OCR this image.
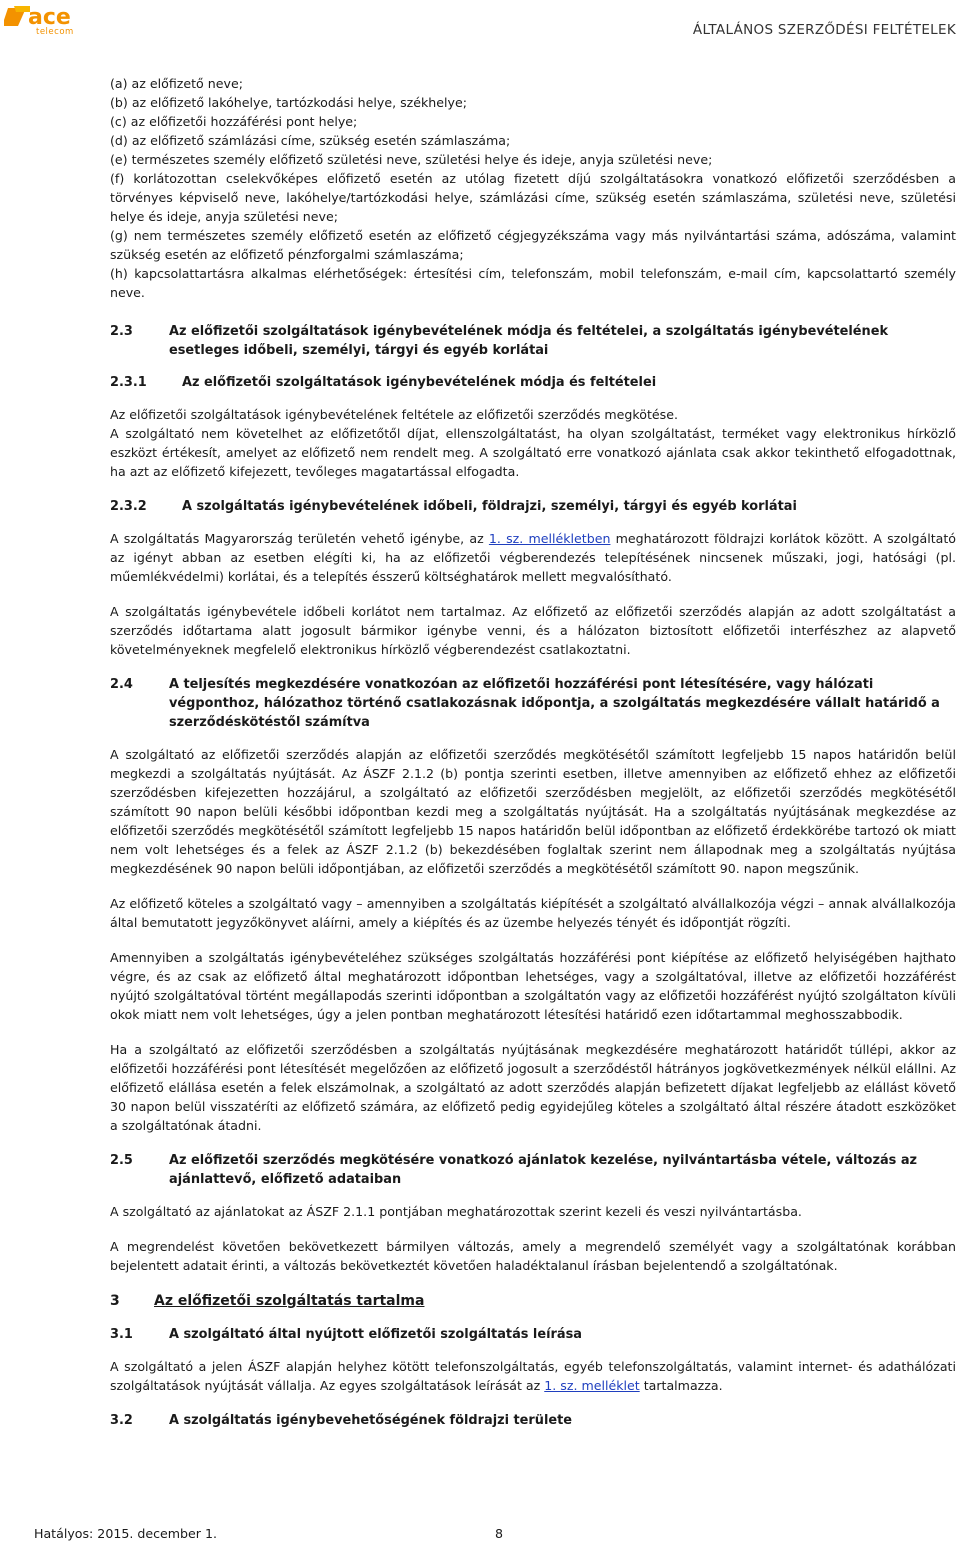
ace
telecom	ÁLTALÁNOS SZERZŐDÉSI FELTÉTELEK

(a) az előfizető neve;

(b) az előfizető lakóhelye, tartózkodási helye, székhelye;

(c) az előfizetői hozzáférési pont helye;

(d) az előfizető számlázási címe, szükség esetén számlaszáma;

(e) természetes személy előfizető születési neve, születési helye és ideje, anyja születési neve;

(f) korlátozottan cselekvőképes előfizető esetén az utólag fizetett díjú szolgáltatásokra vonatkozó előfizetői szerződésben a törvényes képviselő neve, lakóhelye/tartózkodási helye, számlázási címe, szükség esetén számlaszáma, születési neve, születési helye és ideje, anyja születési neve;

(g) nem természetes személy előfizető esetén az előfizető cégjegyzékszáma vagy más nyilvántartási száma, adószáma, valamint szükség esetén az előfizető pénzforgalmi számlaszáma;

(h) kapcsolattartásra alkalmas elérhetőségek: értesítési cím, telefonszám, mobil telefonszám, e-mail cím, kapcsolattartó személy neve.

2.3	Az előfizetői szolgáltatások igénybevételének módja és feltételei, a szolgáltatás igénybevételének esetleges időbeli, személyi, tárgyi és egyéb korlátai
2.3.1	Az előfizetői szolgáltatások igénybevételének módja és feltételei

Az előfizetői szolgáltatások igénybevételének feltétele az előfizetői szerződés megkötése.

A szolgáltató nem követelhet az előfizetőtől díjat, ellenszolgáltatást, ha olyan szolgáltatást, terméket vagy elektronikus hírközlő eszközt értékesít, amelyet az előfizető nem rendelt meg. A szolgáltató erre vonatkozó ajánlata csak akkor tekinthető elfogadottnak, ha azt az előfizető kifejezett, tevőleges magatartással elfogadta.

2.3.2	A szolgáltatás igénybevételének időbeli, földrajzi, személyi, tárgyi és egyéb korlátai

A szolgáltatás Magyarország területén vehető igénybe, az 1. sz. mellékletben meghatározott földrajzi korlátok között. A szolgáltató az igényt abban az esetben elégíti ki, ha az előfizetői végberendezés telepítésének nincsenek műszaki, jogi, hatósági (pl. műemlékvédelmi) korlátai, és a telepítés ésszerű költséghatárok mellett megvalósítható.

A szolgáltatás igénybevétele időbeli korlátot nem tartalmaz. Az előfizető az előfizetői szerződés alapján az adott szolgáltatást a szerződés időtartama alatt jogosult bármikor igénybe venni, és a hálózaton biztosított előfizetői interfészhez az alapvető követelményeknek megfelelő elektronikus hírközlő végberendezést csatlakoztatni.

2.4	A teljesítés megkezdésére vonatkozóan az előfizetői hozzáférési pont létesítésére, vagy hálózati végponthoz, hálózathoz történő csatlakozásnak időpontja, a szolgáltatás megkezdésére vállalt határidő a szerződéskötéstől számítva

A szolgáltató az előfizetői szerződés alapján az előfizetői szerződés megkötésétől számított legfeljebb 15 napos határidőn belül megkezdi a szolgáltatás nyújtását. Az ÁSZF 2.1.2 (b) pontja szerinti esetben, illetve amennyiben az előfizető ehhez az előfizetői szerződésben kifejezetten hozzájárul, a szolgáltató az előfizetői szerződésben megjelölt, az előfizetői szerződés megkötésétől számított 90 napon belüli későbbi időpontban kezdi meg a szolgáltatás nyújtását. Ha a szolgáltatás nyújtásának megkezdése az előfizetői szerződés megkötésétől számított legfeljebb 15 napos határidőn belül időpontban az előfizető érdekkörébe tartozó ok miatt nem volt lehetséges és a felek az ÁSZF 2.1.2 (b) bekezdésében foglaltak szerint nem állapodnak meg a szolgáltatás nyújtása megkezdésének 90 napon belüli időpontjában, az előfizetői szerződés a megkötésétől számított 90. napon megszűnik.

Az előfizető köteles a szolgáltató vagy – amennyiben a szolgáltatás kiépítését a szolgáltató alvállalkozója végzi – annak alvállalkozója által bemutatott jegyzőkönyvet aláírni, amely a kiépítés és az üzembe helyezés tényét és időpontját rögzíti.

Amennyiben a szolgáltatás igénybevételéhez szükséges szolgáltatás hozzáférési pont kiépítése az előfizető helyiségében hajthato végre, és az csak az előfizető által meghatározott időpontban lehetséges, vagy a szolgáltatóval, illetve az előfizetői hozzáférést nyújtó szolgáltatóval történt megállapodás szerinti időpontban a szolgáltatón vagy az előfizetői hozzáférést nyújtó szolgáltaton kívüli okok miatt nem volt lehetséges, úgy a jelen pontban meghatározott létesítési határidő ezen időtartammal meghosszabbodik.

Ha a szolgáltató az előfizetői szerződésben a szolgáltatás nyújtásának megkezdésére meghatározott határidőt túllépi, akkor az előfizetői hozzáférési pont létesítését megelőzően az előfizető jogosult a szerződéstől hátrányos jogkövetkezmények nélkül elállni. Az előfizető elállása esetén a felek elszámolnak, a szolgáltató az adott szerződés alapján befizetett díjakat legfeljebb az elállást követő 30 napon belül visszatéríti az előfizető számára, az előfizető pedig egyidejűleg köteles a szolgáltató által részére átadott eszközöket a szolgáltatónak átadni.

2.5	Az előfizetői szerződés megkötésére vonatkozó ajánlatok kezelése, nyilvántartásba vétele, változás az ajánlattevő, előfizető adataiban

A szolgáltató az ajánlatokat az ÁSZF 2.1.1 pontjában meghatározottak szerint kezeli és veszi nyilvántartásba.

A megrendelést követően bekövetkezett bármilyen változás, amely a megrendelő személyét vagy a szolgáltatónak korábban bejelentett adatait érinti, a változás bekövetkeztét követően haladéktalanul írásban bejelentendő a szolgáltatónak.

3	Az előfizetői szolgáltatás tartalma
3.1	A szolgáltató által nyújtott előfizetői szolgáltatás leírása

A szolgáltató a jelen ÁSZF alapján helyhez kötött telefonszolgáltatás, egyéb telefonszolgáltatás, valamint internet- és adathálózati szolgáltatások nyújtását vállalja. Az egyes szolgáltatások leírását az 1. sz. melléklet tartalmazza.

3.2	A szolgáltatás igénybevehetőségének földrajzi területe
Hatályos: 2015. december 1.	8
